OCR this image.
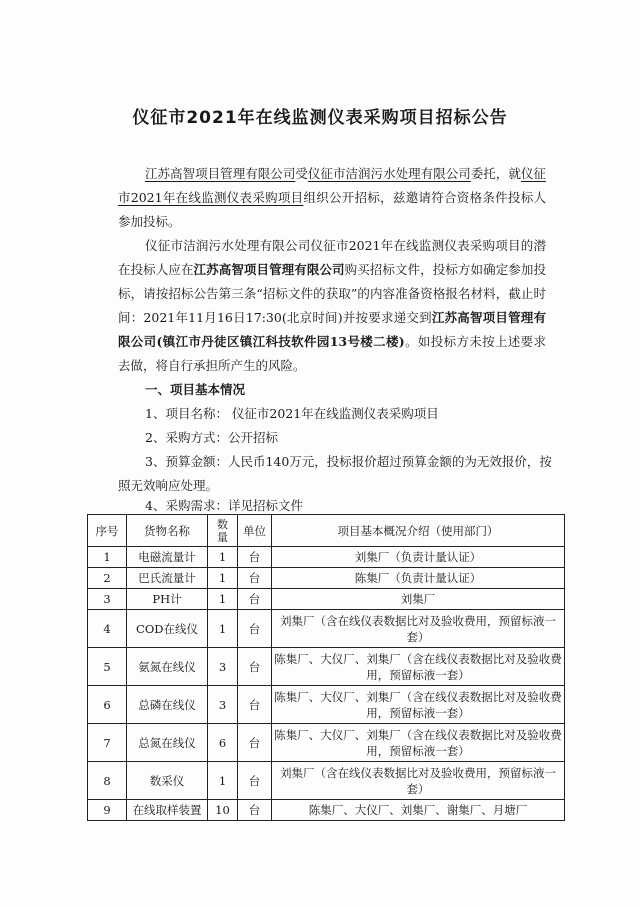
仪征市2021年在线监测仪表采购项目招标公告

江苏高智项目管理有限公司受仪征市洁润污水处理有限公司委托，就仪征市2021年在线监测仪表采购项目组织公开招标，兹邀请符合资格条件投标人参加投标。

仪征市洁润污水处理有限公司仪征市2021年在线监测仪表采购项目的潜在投标人应在江苏高智项目管理有限公司购买招标文件，投标方如确定参加投标，请按招标公告第三条“招标文件的获取”的内容准备资格报名材料，截止时间：2021年11月16日17:30(北京时间)并按要求递交到江苏高智项目管理有限公司(镇江市丹徒区镇江科技软件园13号楼二楼)。如投标方未按上述要求去做，将自行承担所产生的风险。

一、项目基本情况

1、项目名称： 仪征市2021年在线监测仪表采购项目

2、采购方式：公开招标

3、预算金额：人民币140万元，投标报价超过预算金额的为无效报价，按

照无效响应处理。

4、采购需求：详见招标文件

序号	货物名称	数量	单位	项目基本概况介绍（使用部门）
1	电磁流量计	1	台	刘集厂（负责计量认证）
2	巴氏流量计	1	台	陈集厂（负责计量认证）
3	PH计	1	台	刘集厂
4	COD在线仪	1	台	刘集厂（含在线仪表数据比对及验收费用，预留标液一套）
5	氨氮在线仪	3	台	陈集厂、大仪厂、刘集厂（含在线仪表数据比对及验收费用，预留标液一套）
6	总磷在线仪	3	台	陈集厂、大仪厂、刘集厂（含在线仪表数据比对及验收费用，预留标液一套）
7	总氮在线仪	6	台	陈集厂、大仪厂、刘集厂（含在线仪表数据比对及验收费用，预留标液一套）
8	数采仪	1	台	刘集厂（含在线仪表数据比对及验收费用，预留标液一套）
9	在线取样装置	10	台	陈集厂、大仪厂、刘集厂、谢集厂、月塘厂
